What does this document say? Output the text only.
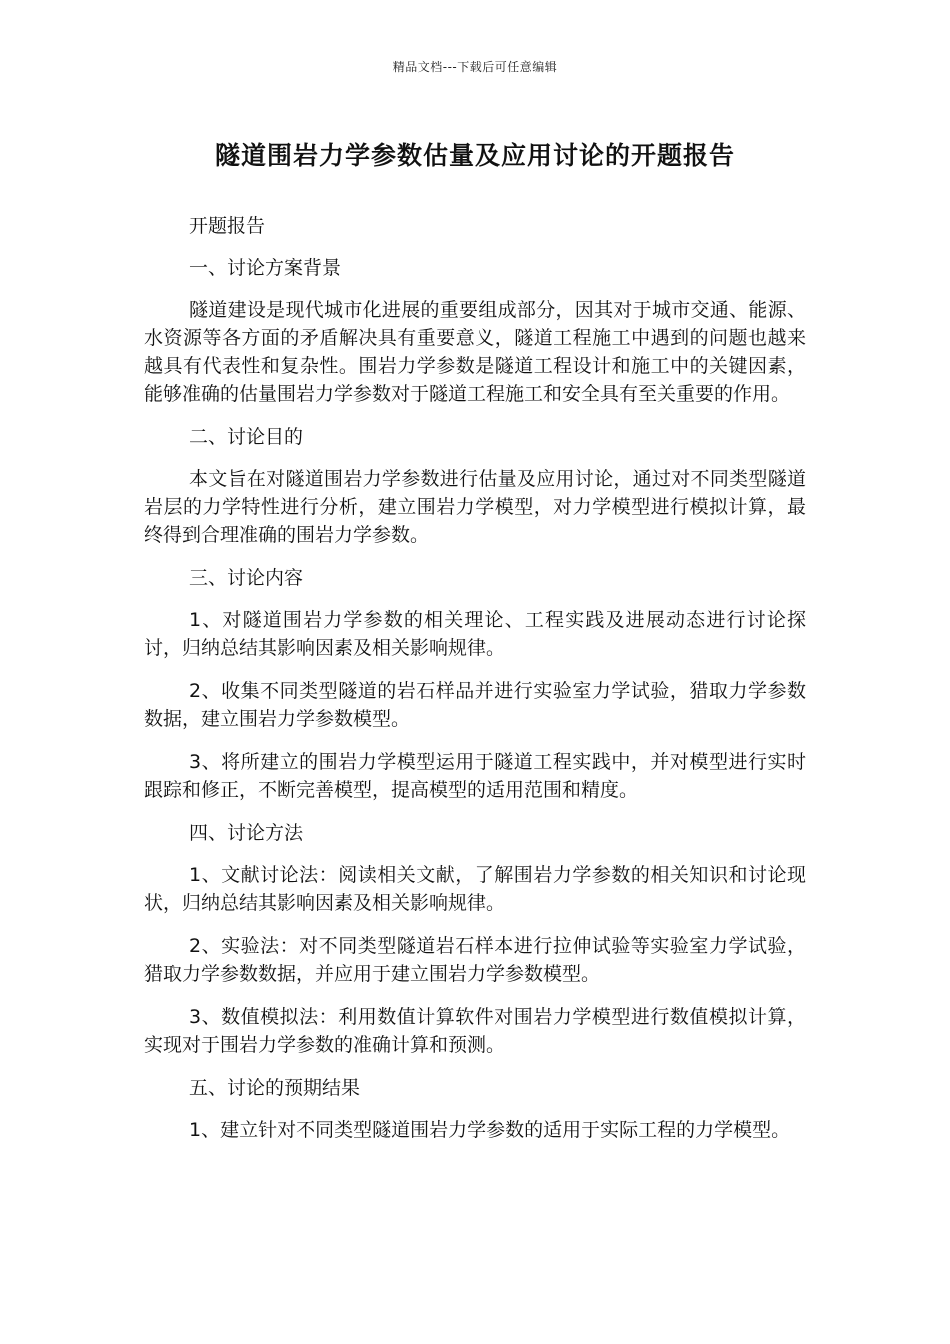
精品文档---下载后可任意编辑
隧道围岩力学参数估量及应用讨论的开题报告

开题报告

一、讨论方案背景

隧道建设是现代城市化进展的重要组成部分，因其对于城市交通、能源、水资源等各方面的矛盾解决具有重要意义，隧道工程施工中遇到的问题也越来越具有代表性和复杂性。围岩力学参数是隧道工程设计和施工中的关键因素，能够准确的估量围岩力学参数对于隧道工程施工和安全具有至关重要的作用。

二、讨论目的

本文旨在对隧道围岩力学参数进行估量及应用讨论，通过对不同类型隧道岩层的力学特性进行分析，建立围岩力学模型，对力学模型进行模拟计算，最终得到合理准确的围岩力学参数。

三、讨论内容

1、对隧道围岩力学参数的相关理论、工程实践及进展动态进行讨论探讨，归纳总结其影响因素及相关影响规律。

2、收集不同类型隧道的岩石样品并进行实验室力学试验，猎取力学参数数据，建立围岩力学参数模型。

3、将所建立的围岩力学模型运用于隧道工程实践中，并对模型进行实时跟踪和修正，不断完善模型，提高模型的适用范围和精度。

四、讨论方法

1、文献讨论法：阅读相关文献，了解围岩力学参数的相关知识和讨论现状，归纳总结其影响因素及相关影响规律。

2、实验法：对不同类型隧道岩石样本进行拉伸试验等实验室力学试验，猎取力学参数数据，并应用于建立围岩力学参数模型。

3、数值模拟法：利用数值计算软件对围岩力学模型进行数值模拟计算，实现对于围岩力学参数的准确计算和预测。

五、讨论的预期结果

1、建立针对不同类型隧道围岩力学参数的适用于实际工程的力学模型。
